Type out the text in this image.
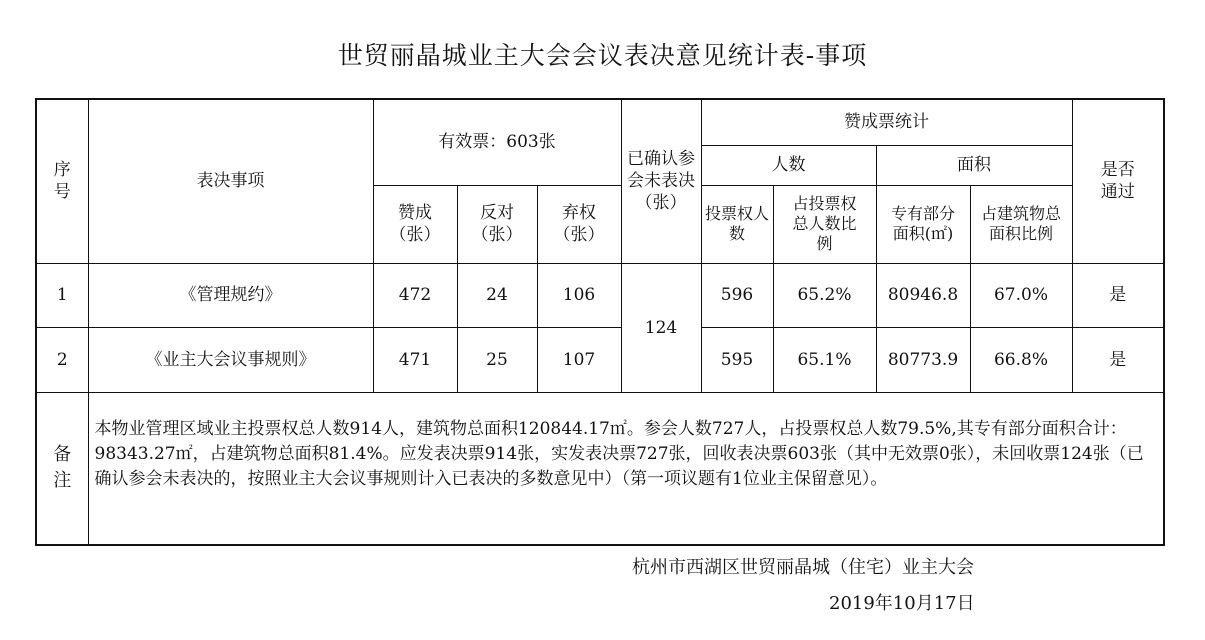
世贸丽晶城业主大会会议表决意见统计表-事项
序号	表决事项	有效票：603张			已确认参会未表决（张）	赞成票统计				是否通过
						人数		面积		
		赞成（张）	反对（张）	弃权（张）		投票权人数	占投票权总人数比例	专有部分面积(㎡)	占建筑物总面积比例	
1	《管理规约》	472	24	106	124	596	65.2%	80946.8	67.0%	是
2	《业主大会议事规则》	471	25	107		595	65.1%	80773.9	66.8%	是
备注	本物业管理区域业主投票权总人数914人，建筑物总面积120844.17㎡。参会人数727人，占投票权总人数79.5%,其专有部分面积合计：98343.27㎡，占建筑物总面积81.4%。应发表决票914张，实发表决票727张，回收表决票603张（其中无效票0张），未回收票124张（已确认参会未表决的，按照业主大会议事规则计入已表决的多数意见中）（第一项议题有1位业主保留意见）。									
杭州市西湖区世贸丽晶城（住宅）业主大会
2019年10月17日
